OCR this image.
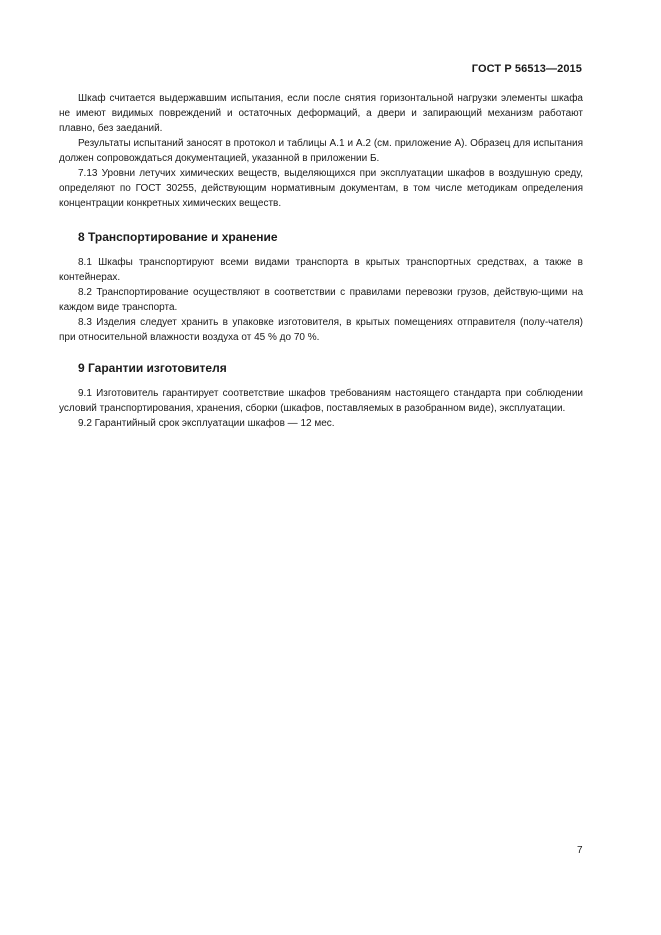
ГОСТ Р 56513—2015

Шкаф считается выдержавшим испытания, если после снятия горизонтальной нагрузки элементы шкафа не имеют видимых повреждений и остаточных деформаций, а двери и запирающий механизм работают плавно, без заеданий.

Результаты испытаний заносят в протокол и таблицы А.1 и А.2 (см. приложение А). Образец для испытания должен сопровождаться документацией, указанной в приложении Б.

7.13 Уровни летучих химических веществ, выделяющихся при эксплуатации шкафов в воздушную среду, определяют по ГОСТ 30255, действующим нормативным документам, в том числе методикам определения концентрации конкретных химических веществ.

8 Транспортирование и хранение

8.1 Шкафы транспортируют всеми видами транспорта в крытых транспортных средствах, а также в контейнерах.

8.2 Транспортирование осуществляют в соответствии с правилами перевозки грузов, действую-щими на каждом виде транспорта.

8.3 Изделия следует хранить в упаковке изготовителя, в крытых помещениях отправителя (полу-чателя) при относительной влажности воздуха от 45 % до 70 %.

9 Гарантии изготовителя

9.1 Изготовитель гарантирует соответствие шкафов требованиям настоящего стандарта при соблюдении условий транспортирования, хранения, сборки (шкафов, поставляемых в разобранном виде), эксплуатации.

9.2 Гарантийный срок эксплуатации шкафов — 12 мес.

7
